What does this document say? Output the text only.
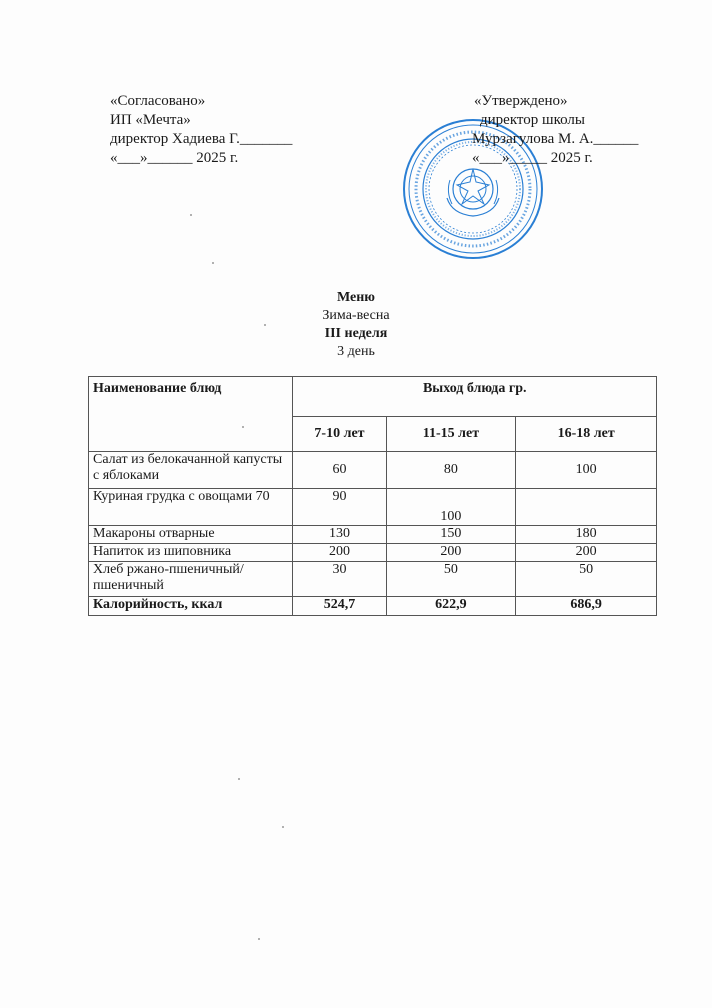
«Согласовано»
ИП «Мечта»
директор Хадиева Г._______
«___»______ 2025 г.
«Утверждено»
директор школы
Мурзагулова М. А.______
«___»_____ 2025 г.
Меню
Зима-весна
III неделя
3 день
Наименование блюд	Выход блюда гр.		
	7-10 лет	11-15 лет	16-18 лет
Салат из белокачанной капусты с яблоками	60	80	100
Куриная грудка с овощами 70	90	100	
Макароны отварные	130	150	180
Напиток из шиповника	200	200	200
Хлеб ржано-пшеничный/пшеничный	30	50	50
Калорийность, ккал	524,7	622,9	686,9
